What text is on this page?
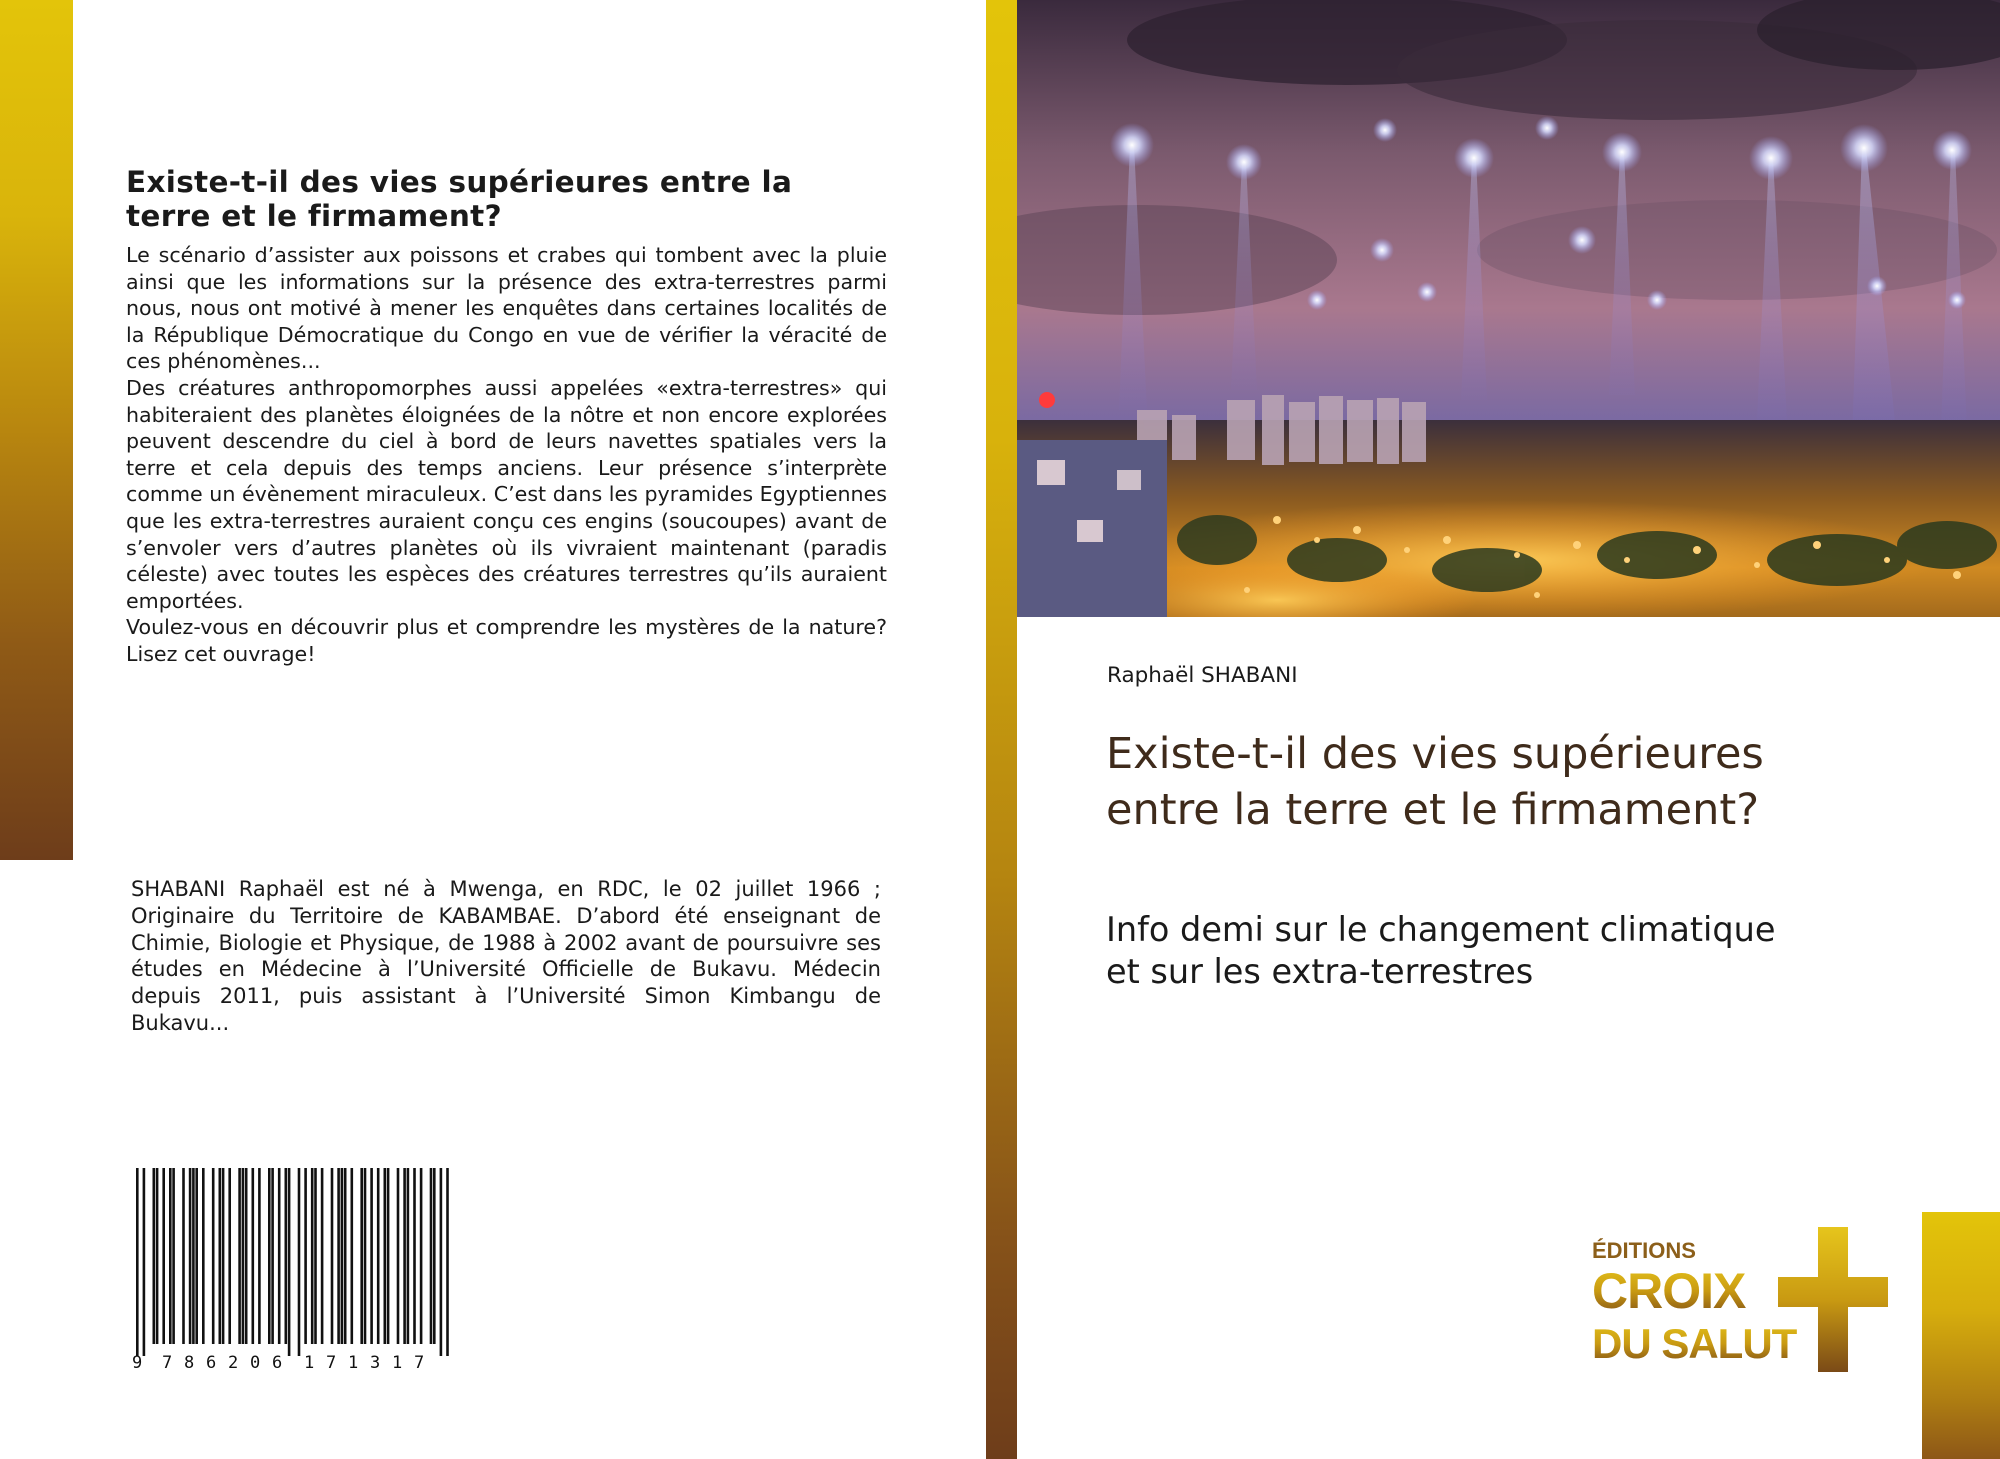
Existe-t-il des vies supérieures entre la terre et le firmament?

Le scénario d’assister aux poissons et crabes qui tombent avec la pluie ainsi que les informations sur la présence des extra-terrestres parmi nous, nous ont motivé à mener les enquêtes dans certaines localités de la République Démocratique du Congo en vue de vérifier la véracité de ces phénomènes...

Des créatures anthropomorphes aussi appelées «extra-terrestres» qui habiteraient des planètes éloignées de la nôtre et non encore explorées peuvent descendre du ciel à bord de leurs navettes spatiales vers la terre et cela depuis des temps anciens. Leur présence s’interprète comme un évènement miraculeux. C’est dans les pyramides Egyptiennes que les extra-terrestres auraient conçu ces engins (soucoupes) avant de s’envoler vers d’autres planètes où ils vivraient maintenant (paradis céleste) avec toutes les espèces des créatures terrestres qu’ils auraient emportées.

Voulez-vous en découvrir plus et comprendre les mystères de la nature? Lisez cet ouvrage!

SHABANI Raphaël est né à Mwenga, en RDC, le 02 juillet 1966 ; Originaire du Territoire de KABAMBAE. D’abord été enseignant de Chimie, Biologie et Physique, de 1988 à 2002 avant de poursuivre ses études en Médecine à l’Université Officielle de Bukavu. Médecin depuis 2011, puis assistant à l’Université Simon Kimbangu de Bukavu...
9 7 8 6 2 0 6 1 7 1 3 1 7
Raphaël SHABANI
Existe-t-il des vies supérieures entre la terre et le firmament?
Info demi sur le changement climatique et sur les extra-terrestres
ÉDITIONS
CROIX
DU SALUT
